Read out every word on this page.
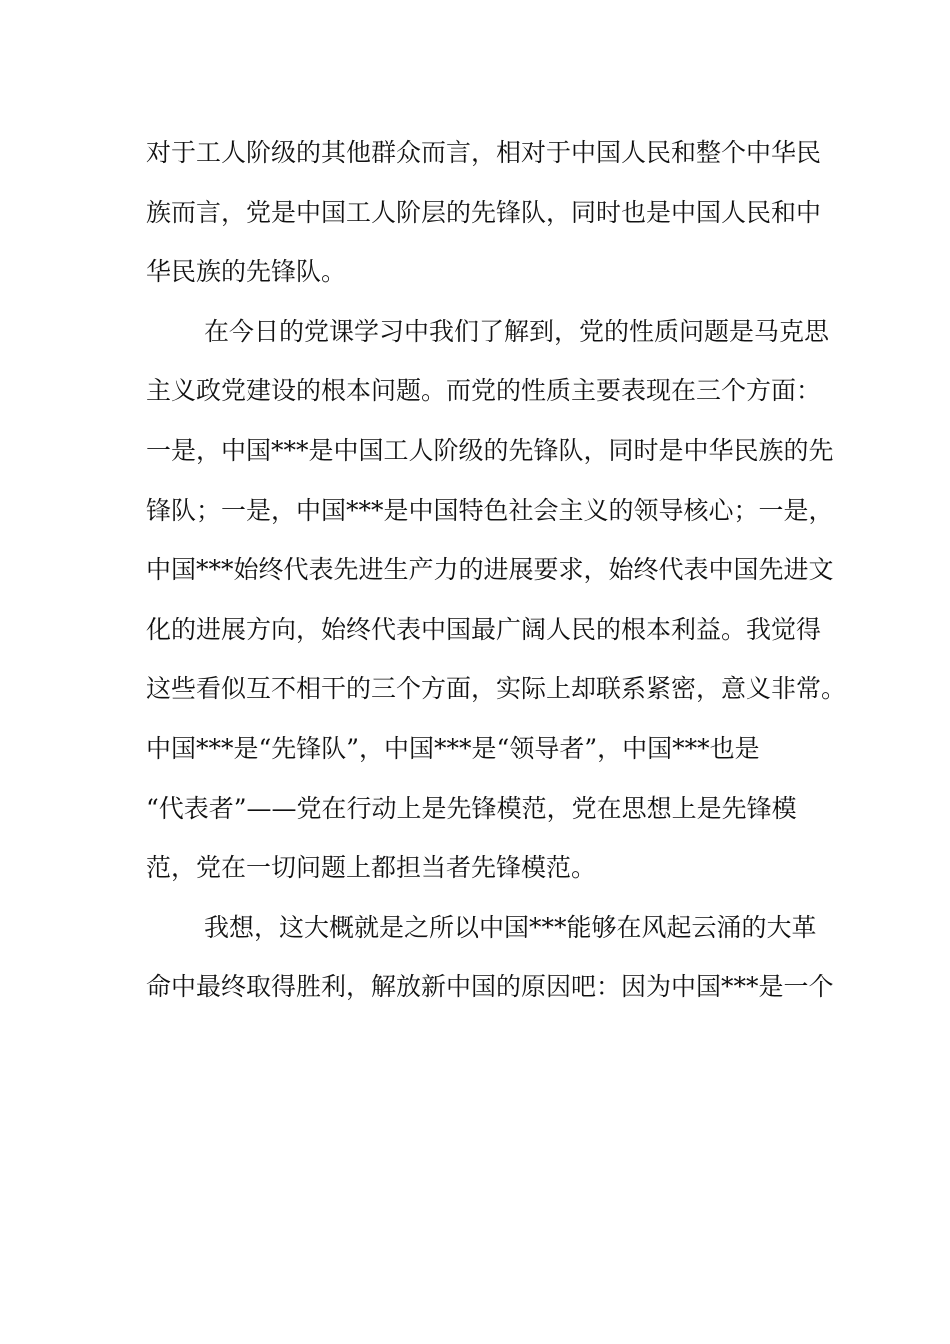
对于工人阶级的其他群众而言，相对于中国人民和整个中华民
族而言，党是中国工人阶层的先锋队，同时也是中国人民和中
华民族的先锋队。
在今日的党课学习中我们了解到，党的性质问题是马克思
主义政党建设的根本问题。而党的性质主要表现在三个方面：
一是，中国***是中国工人阶级的先锋队，同时是中华民族的先
锋队；一是，中国***是中国特色社会主义的领导核心；一是，
中国***始终代表先进生产力的进展要求，始终代表中国先进文
化的进展方向，始终代表中国最广阔人民的根本利益。我觉得
这些看似互不相干的三个方面，实际上却联系紧密，意义非常。
中国***是“先锋队”，中国***是“领导者”，中国***也是
“代表者”——党在行动上是先锋模范，党在思想上是先锋模
范，党在一切问题上都担当者先锋模范。
我想，这大概就是之所以中国***能够在风起云涌的大革
命中最终取得胜利，解放新中国的原因吧：因为中国***是一个
